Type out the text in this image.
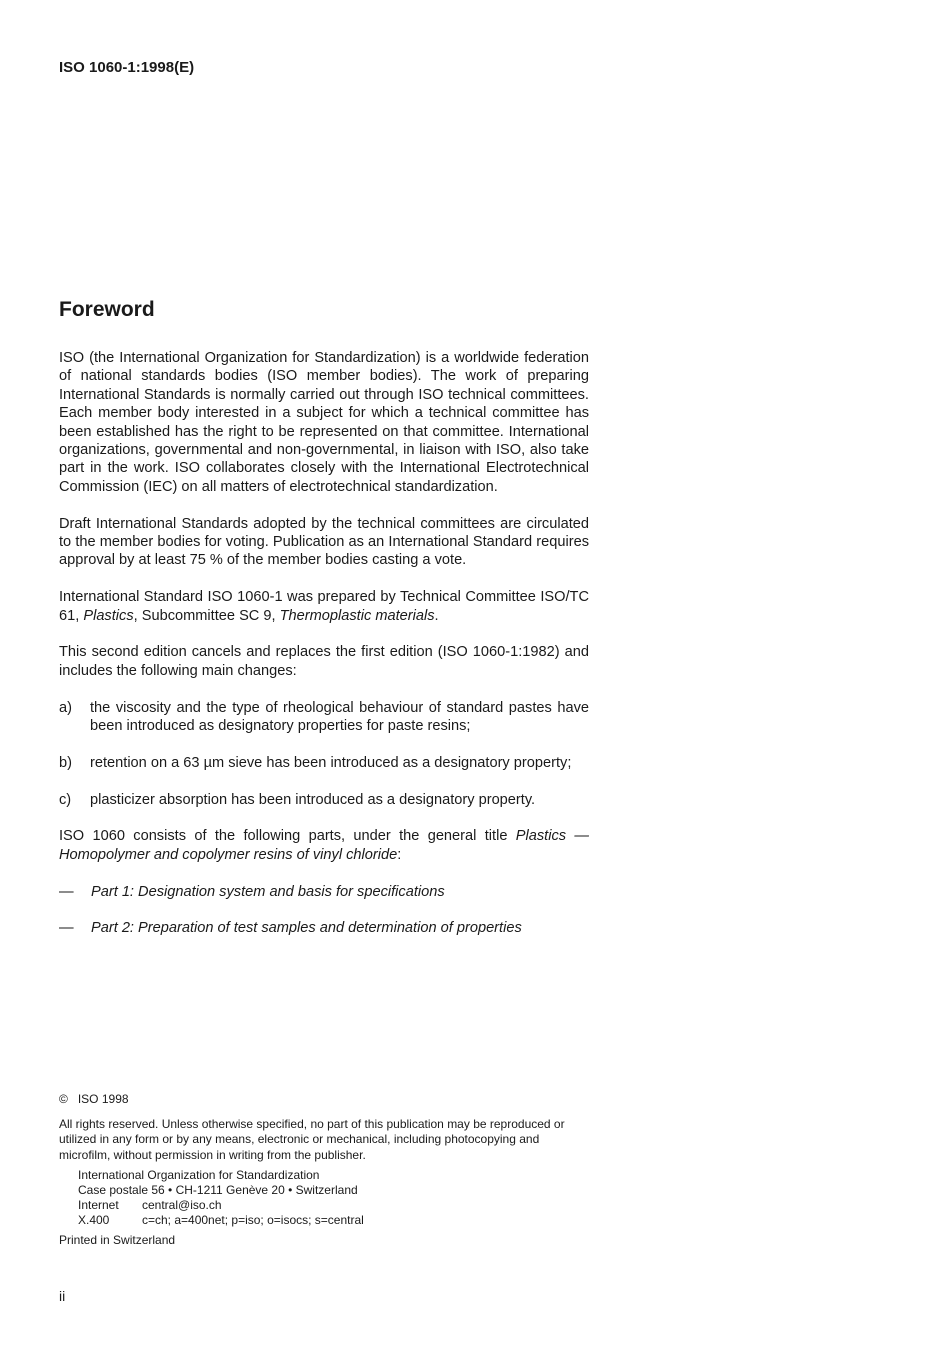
ISO 1060-1:1998(E)
Foreword

ISO (the International Organization for Standardization) is a worldwide federation of national standards bodies (ISO member bodies). The work of preparing International Standards is normally carried out through ISO technical committees. Each member body interested in a subject for which a technical committee has been established has the right to be represented on that committee. International organizations, governmental and non-governmental, in liaison with ISO, also take part in the work. ISO collaborates closely with the International Electrotechnical Commission (IEC) on all matters of electrotechnical standardization.

Draft International Standards adopted by the technical committees are circulated to the member bodies for voting. Publication as an International Standard requires approval by at least 75 % of the member bodies casting a vote.

International Standard ISO 1060-1 was prepared by Technical Committee ISO/TC 61, Plastics, Subcommittee SC 9, Thermoplastic materials.

This second edition cancels and replaces the first edition (ISO 1060-1:1982) and includes the following main changes:

a)	the viscosity and the type of rheological behaviour of standard pastes have been introduced as designatory properties for paste resins;
b)	retention on a 63 µm sieve has been introduced as a designatory property;
c)	plasticizer absorption has been introduced as a designatory property.

ISO 1060 consists of the following parts, under the general title Plastics — Homopolymer and copolymer resins of vinyl chloride:

—	Part 1: Designation system and basis for specifications
—	Part 2: Preparation of test samples and determination of properties
©   ISO 1998
All rights reserved. Unless otherwise specified, no part of this publication may be reproduced or utilized in any form or by any means, electronic or mechanical, including photocopying and microfilm, without permission in writing from the publisher.
International Organization for Standardization
Case postale 56 • CH-1211 Genève 20 • Switzerland
Internet	central@iso.ch
X.400	c=ch; a=400net; p=iso; o=isocs; s=central
Printed in Switzerland
ii
